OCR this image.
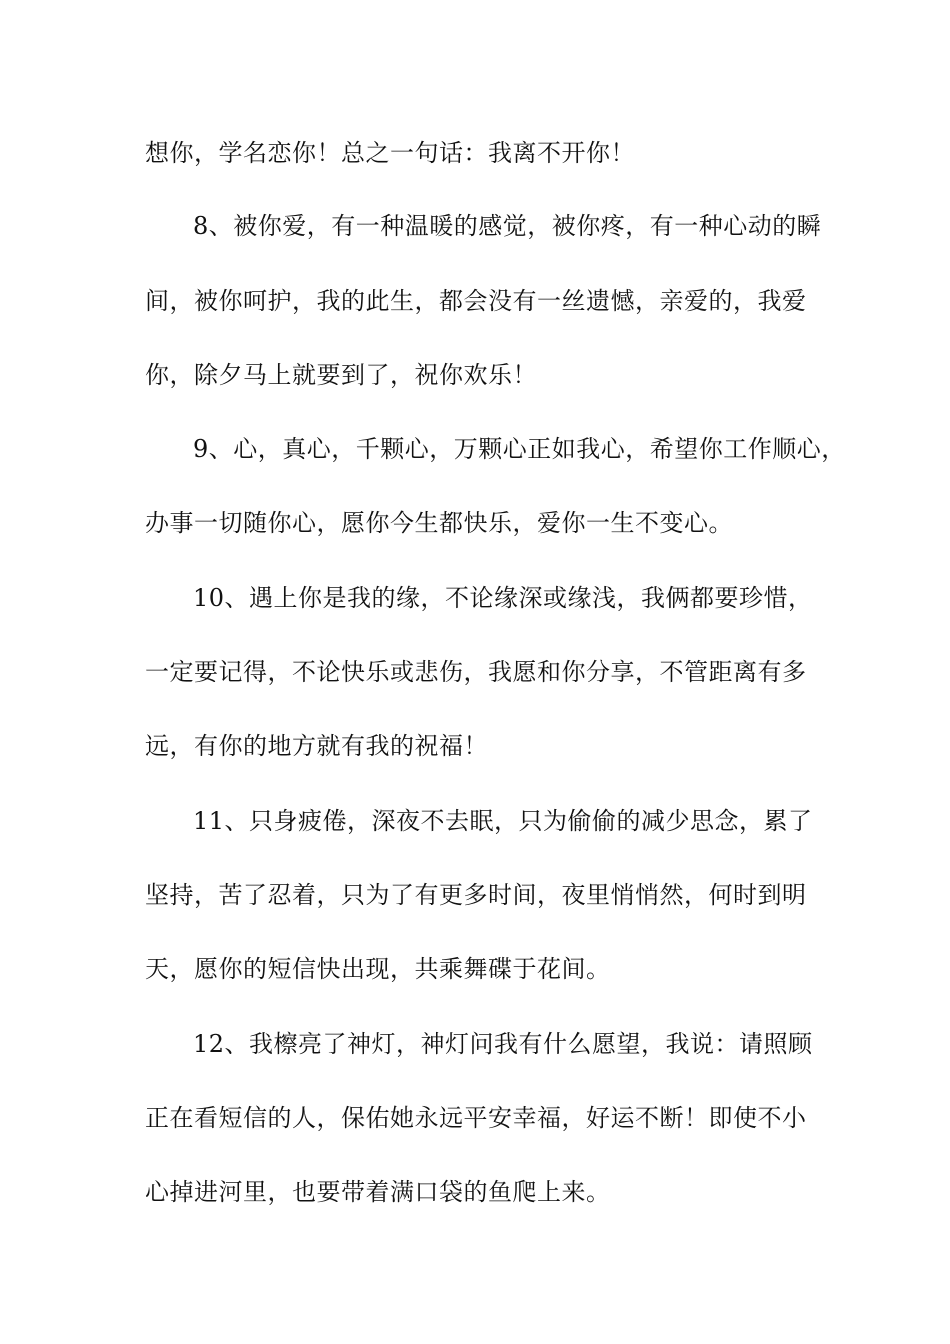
想你，学名恋你！总之一句话：我离不开你！
8、被你爱，有一种温暖的感觉，被你疼，有一种心动的瞬
间，被你呵护，我的此生，都会没有一丝遗憾，亲爱的，我爱
你，除夕马上就要到了，祝你欢乐！
9、心，真心，千颗心，万颗心正如我心，希望你工作顺心，
办事一切随你心，愿你今生都快乐，爱你一生不变心。
10、遇上你是我的缘，不论缘深或缘浅，我俩都要珍惜，
一定要记得，不论快乐或悲伤，我愿和你分享，不管距离有多
远，有你的地方就有我的祝福！
11、只身疲倦，深夜不去眠，只为偷偷的减少思念，累了
坚持，苦了忍着，只为了有更多时间，夜里悄悄然，何时到明
天，愿你的短信快出现，共乘舞碟于花间。
12、我檫亮了神灯，神灯问我有什么愿望，我说：请照顾
正在看短信的人，保佑她永远平安幸福，好运不断！即使不小
心掉进河里，也要带着满口袋的鱼爬上来。
